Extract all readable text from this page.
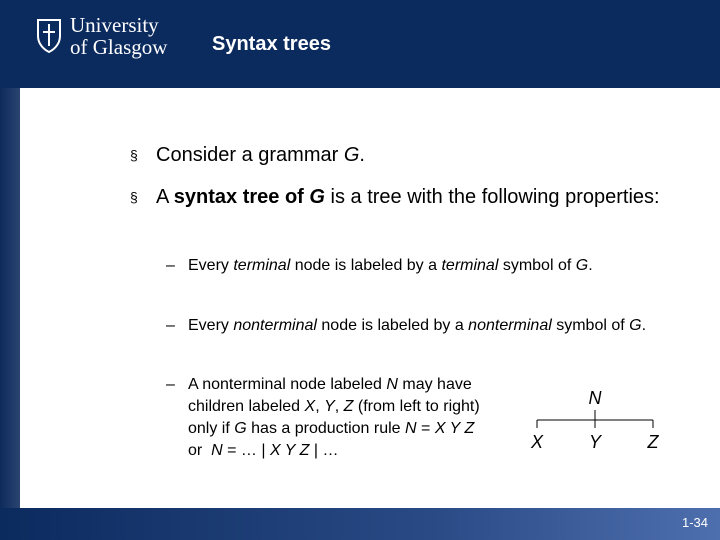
University
of Glasgow Syntax trees
§ Consider a grammar G.
§ A syntax tree of G is a tree with the following properties:
– Every terminal node is labeled by a terminal symbol of G.
– Every nonterminal node is labeled by a nonterminal symbol of G.
– A nonterminal node labeled N may have children labeled X, Y, Z (from left to right) only if G has a production rule N = X Y Z  or  N = … | X Y Z | …
N
X	Y	Z
1-34
